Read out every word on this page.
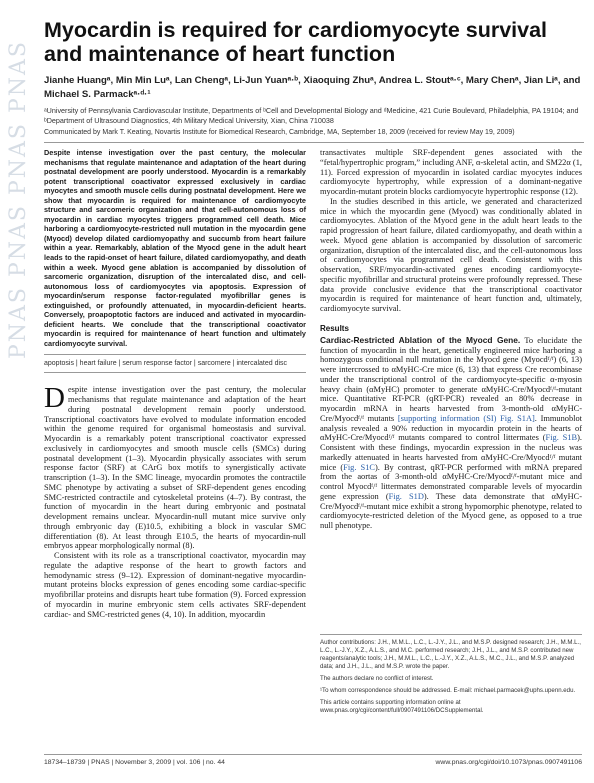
PNAS PNAS PNAS PNAS
Myocardin is required for cardiomyocyte survival and maintenance of heart function
Jianhe Huangᵃ, Min Min Luᵃ, Lan Chengᵃ, Li-Jun Yuanᵃ·ᵇ, Xiaoquing Zhuᵃ, Andrea L. Stoutᵃ·ᶜ, Mary Chenᵃ, Jian Liᵃ, and Michael S. Parmackᵃ·ᵈ·¹
ᵃUniversity of Pennsylvania Cardiovascular Institute, Departments of ᵇCell and Developmental Biology and ᵈMedicine, 421 Curie Boulevard, Philadelphia, PA 19104; and ᵇDepartment of Ultrasound Diagnostics, 4th Military Medical University, Xian, China 710038
Communicated by Mark T. Keating, Novartis Institute for Biomedical Research, Cambridge, MA, September 18, 2009 (received for review May 19, 2009)

Despite intense investigation over the past century, the molecular mechanisms that regulate maintenance and adaptation of the heart during postnatal development are poorly understood. Myocardin is a remarkably potent transcriptional coactivator expressed exclusively in cardiac myocytes and smooth muscle cells during postnatal development. Here we show that myocardin is required for maintenance of cardiomyocyte structure and sarcomeric organization and that cell-autonomous loss of myocardin in cardiac myocytes triggers programmed cell death. Mice harboring a cardiomyocyte-restricted null mutation in the myocardin gene (Myocd) develop dilated cardiomyopathy and succumb from heart failure within a year. Remarkably, ablation of the Myocd gene in the adult heart leads to the rapid-onset of heart failure, dilated cardiomyopathy, and death within a week. Myocd gene ablation is accompanied by dissolution of sarcomeric organization, disruption of the intercalated disc, and cell-autonomous loss of cardiomyocytes via apoptosis. Expression of myocardin/serum response factor-regulated myofibrillar genes is extinguished, or profoundly attenuated, in myocardin-deficient hearts. Conversely, proapoptotic factors are induced and activated in myocardin-deficient hearts. We conclude that the transcriptional coactivator myocardin is required for maintenance of heart function and ultimately cardiomyocyte survival.

apoptosis | heart failure | serum response factor | sarcomere | intercalated disc

Despite intense investigation over the past century, the molecular mechanisms that regulate maintenance and adaptation of the heart during postnatal development remain poorly understood. Transcriptional coactivators have evolved to modulate information encoded within the genome required for organismal homeostasis and survival. Myocardin is a remarkably potent transcriptional coactivator expressed exclusively in cardiomyocytes and smooth muscle cells (SMCs) during postnatal development (1–3). Myocardin physically associates with serum response factor (SRF) at CArG box motifs to synergistically activate transcription (1–3). In the SMC lineage, myocardin promotes the contractile SMC phenotype by activating a subset of SRF-dependent genes encoding SMC-restricted contractile and cytoskeletal proteins (4–7). By contrast, the function of myocardin in the heart during embryonic and postnatal development remains unclear. Myocardin-null mutant mice survive only through embryonic day (E)10.5, exhibiting a block in vascular SMC differentiation (8). At least through E10.5, the hearts of myocardin-null embryos appear morphologically normal (8).

Consistent with its role as a transcriptional coactivator, myocardin may regulate the adaptive response of the heart to growth factors and hemodynamic stress (9–12). Expression of dominant-negative myocardin-mutant proteins blocks expression of genes encoding some cardiac-specific myofibrillar proteins and disrupts heart tube formation (9). Forced expression of myocardin in murine embryonic stem cells activates SRF-dependent cardiac- and SMC-restricted genes (4, 10). In addition, myocardin

transactivates multiple SRF-dependent genes associated with the “fetal/hypertrophic program,” including ANF, α-skeletal actin, and SM22α (1, 11). Forced expression of myocardin in isolated cardiac myocytes induces cardiomyocyte hypertrophy, while expression of a dominant-negative myocardin-mutant protein blocks cardiomyocyte hypertrophic response (12).

In the studies described in this article, we generated and characterized mice in which the myocardin gene (Myocd) was conditionally ablated in cardiomyocytes. Ablation of the Myocd gene in the adult heart leads to the rapid progression of heart failure, dilated cardiomyopathy, and death within a week. Myocd gene ablation is accompanied by dissolution of sarcomeric organization, disruption of the intercalated disc, and the cell-autonomous loss of cardiomyocytes via programmed cell death. Consistent with this observation, SRF/myocardin-activated genes encoding cardiomyocyte-specific myofibrillar and structural proteins were profoundly repressed. These data provide conclusive evidence that the transcriptional coactivator myocardin is required for maintenance of heart function and, ultimately, cardiomyocyte survival.

Results

Cardiac-Restricted Ablation of the Myocd Gene. To elucidate the function of myocardin in the heart, genetically engineered mice harboring a homozygous conditional null mutation in the Myocd gene (Myocdᶠ/ᶠ) (6, 13) were intercrossed to αMyHC-Cre mice (6, 13) that express Cre recombinase under the transcriptional control of the cardiomyocyte-specific α-myosin heavy chain (αMyHC) promoter to generate αMyHC-Cre/Myocdᶠ/ᶠ-mutant mice. Quantitative RT-PCR (qRT-PCR) revealed an 80% decrease in myocardin mRNA in hearts harvested from 3-month-old αMyHC-Cre/Myocdᶠ/ᶠ mutants [supporting information (SI) Fig. S1A]. Immunoblot analysis revealed a 90% reduction in myocardin protein in the hearts of αMyHC-Cre/Myocdᶠ/ᶠ mutants compared to control littermates (Fig. S1B). Consistent with these findings, myocardin expression in the nucleus was markedly attenuated in hearts harvested from αMyHC-Cre/Myocdᶠ/ᶠ mutant mice (Fig. S1C). By contrast, qRT-PCR performed with mRNA prepared from the aortas of 3-month-old αMyHC-Cre/Myocdᶠ/ᶠ-mutant mice and control Myocdᶠ/ᶠ littermates demonstrated comparable levels of myocardin gene expression (Fig. S1D). These data demonstrate that αMyHC-Cre/Myocdᶠ/ᶠ-mutant mice exhibit a strong hypomorphic phenotype, related to cardiomyocyte-restricted deletion of the Myocd gene, as opposed to a true null phenotype.

Author contributions: J.H., M.M.L., L.C., L.-J.Y., J.L., and M.S.P. designed research; J.H., M.M.L., L.C., L.-J.Y., X.Z., A.L.S., and M.C. performed research; J.H., J.L., and M.S.P. contributed new reagents/analytic tools; J.H., M.M.L., L.C., L.-J.Y., X.Z., A.L.S., M.C., J.L., and M.S.P. analyzed data; and J.H., J.L., and M.S.P. wrote the paper.

The authors declare no conflict of interest.

¹To whom correspondence should be addressed. E-mail: michael.parmacek@uphs.upenn.edu.

This article contains supporting information online at www.pnas.org/cgi/content/full/0907491106/DCSupplemental.

18734–18739 | PNAS | November 3, 2009 | vol. 106 | no. 44	www.pnas.org/cgi/doi/10.1073/pnas.0907491106
